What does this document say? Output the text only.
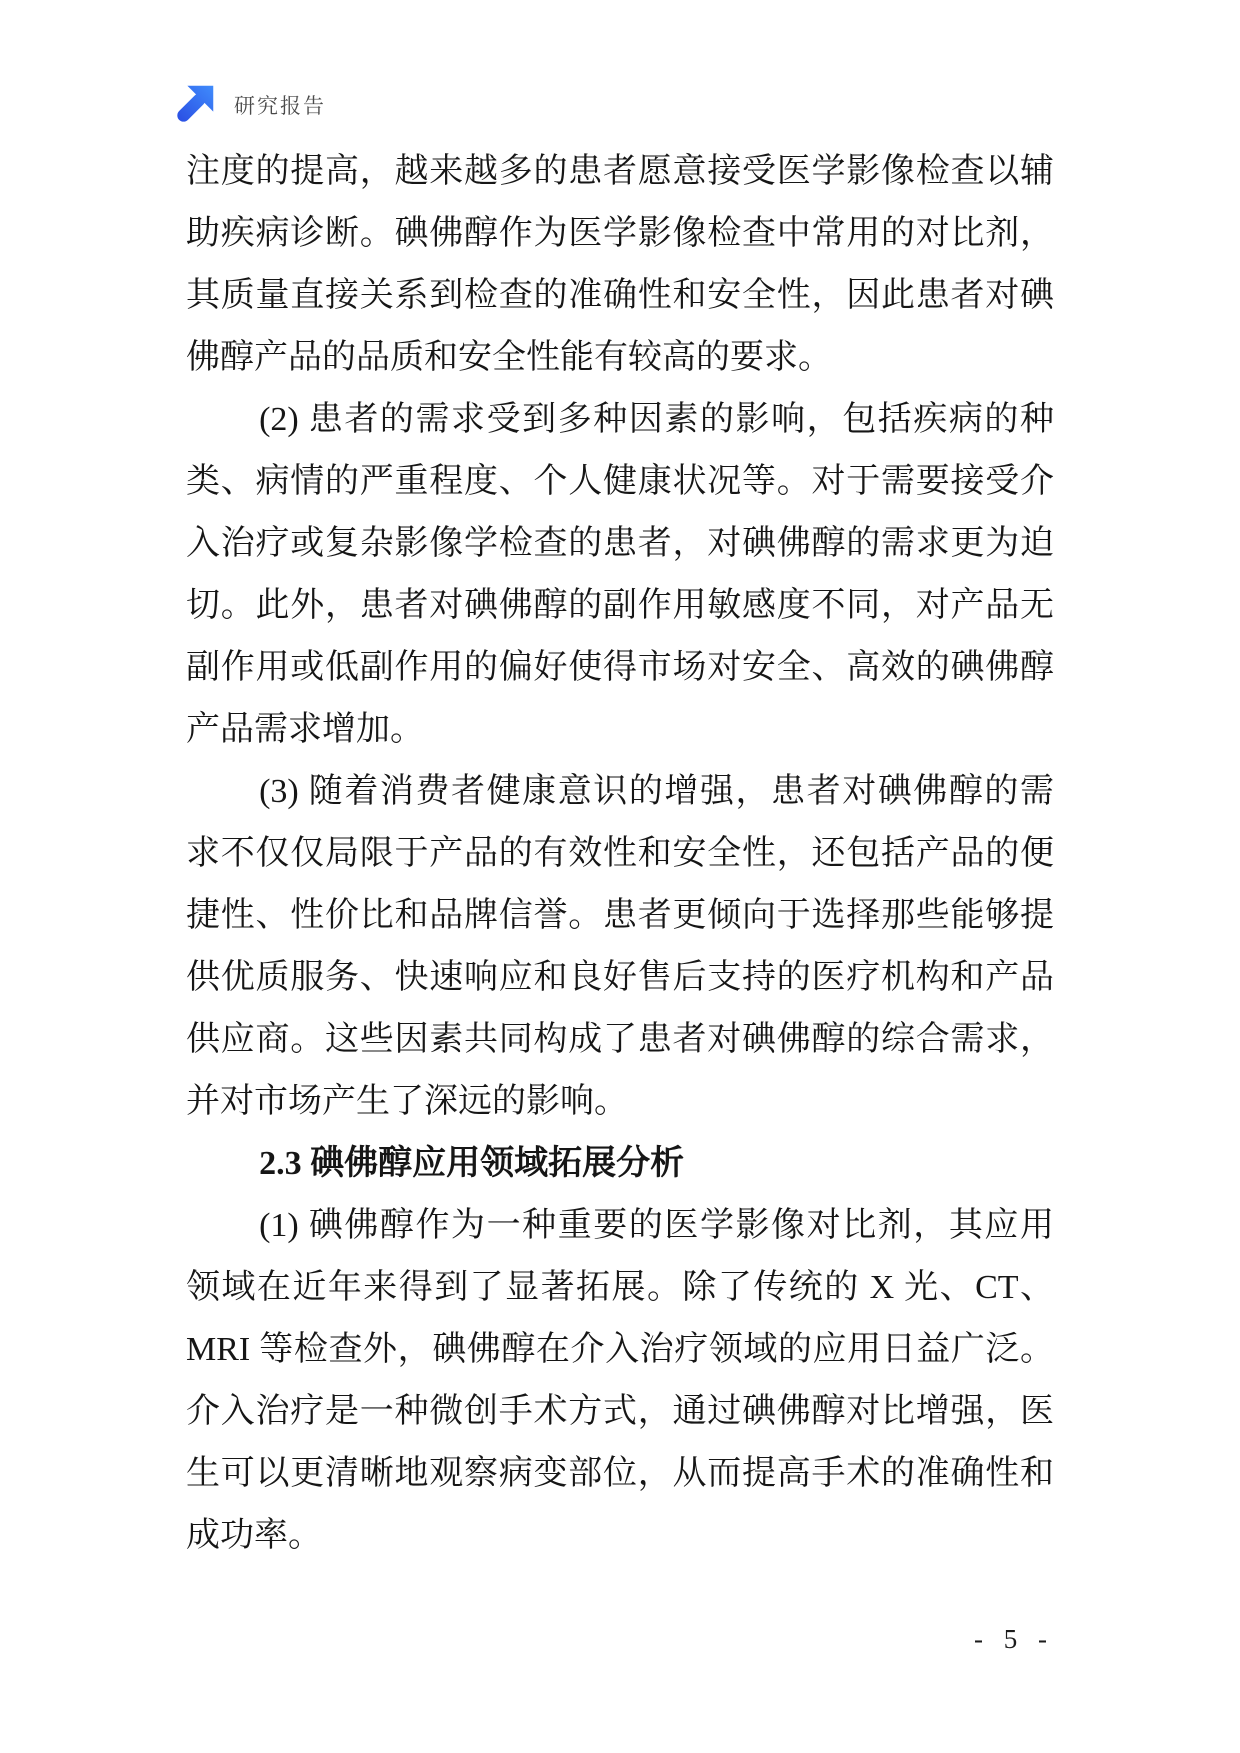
研究报告

注度的提高，越来越多的患者愿意接受医学影像检查以辅助疾病诊断。碘佛醇作为医学影像检查中常用的对比剂，其质量直接关系到检查的准确性和安全性，因此患者对碘佛醇产品的品质和安全性能有较高的要求。

(2) 患者的需求受到多种因素的影响，包括疾病的种类、病情的严重程度、个人健康状况等。对于需要接受介入治疗或复杂影像学检查的患者，对碘佛醇的需求更为迫切。此外，患者对碘佛醇的副作用敏感度不同，对产品无副作用或低副作用的偏好使得市场对安全、高效的碘佛醇产品需求增加。

(3) 随着消费者健康意识的增强，患者对碘佛醇的需求不仅仅局限于产品的有效性和安全性，还包括产品的便捷性、性价比和品牌信誉。患者更倾向于选择那些能够提供优质服务、快速响应和良好售后支持的医疗机构和产品供应商。这些因素共同构成了患者对碘佛醇的综合需求，并对市场产生了深远的影响。

2.3 碘佛醇应用领域拓展分析

(1) 碘佛醇作为一种重要的医学影像对比剂，其应用领域在近年来得到了显著拓展。除了传统的 X 光、CT、MRI 等检查外，碘佛醇在介入治疗领域的应用日益广泛。介入治疗是一种微创手术方式，通过碘佛醇对比增强，医生可以更清晰地观察病变部位，从而提高手术的准确性和成功率。

- 5 -
